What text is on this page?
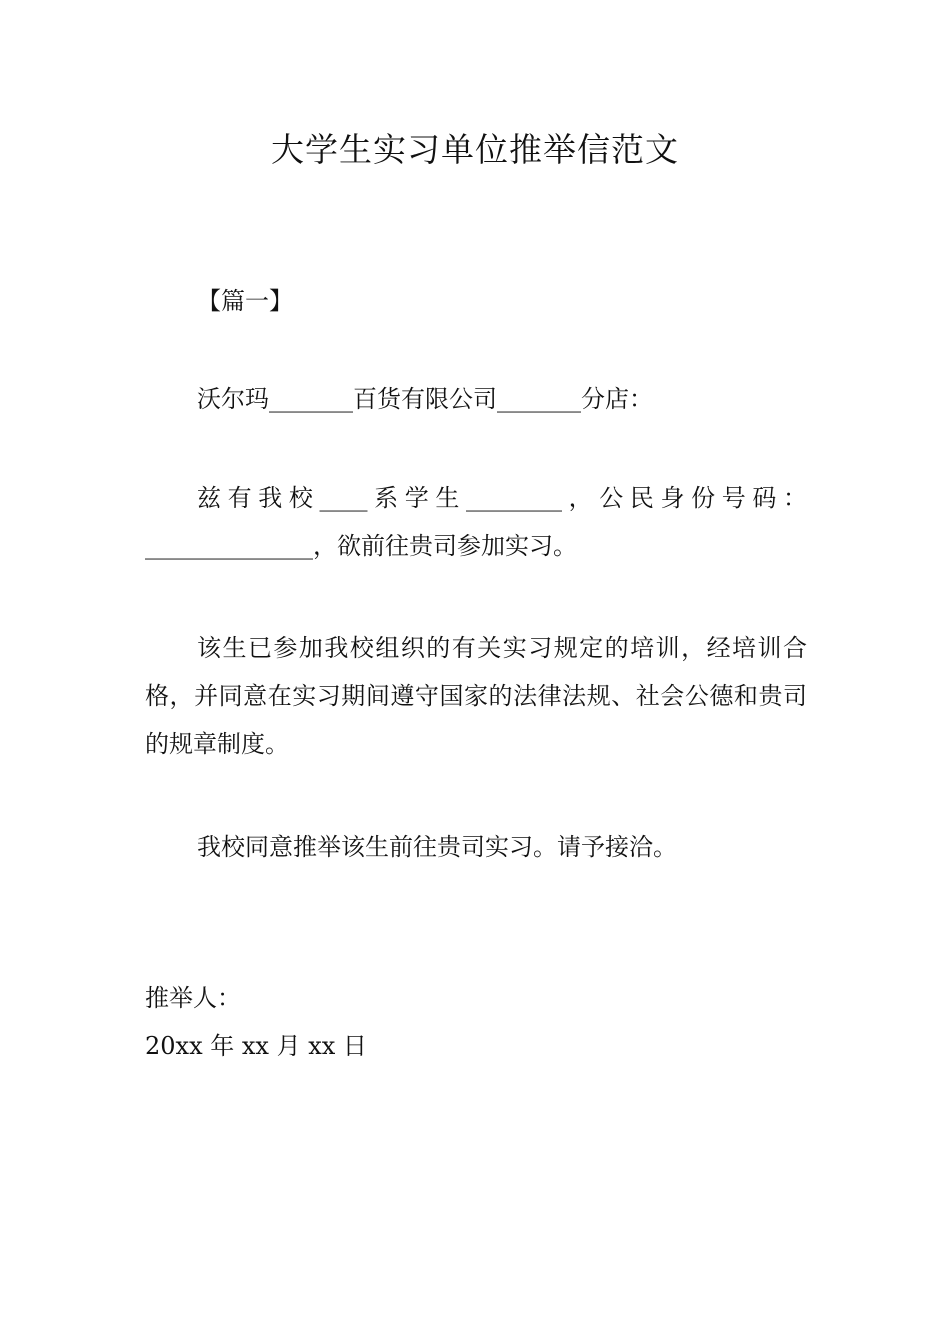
大学生实习单位推举信范文
【篇一】
沃尔玛_______百货有限公司_______分店：
兹有我校____系学生________，公民身份号码：______________，欲前往贵司参加实习。
该生已参加我校组织的有关实习规定的培训，经培训合格，并同意在实习期间遵守国家的法律法规、社会公德和贵司的规章制度。
我校同意推举该生前往贵司实习。请予接洽。
推举人：
20xx 年 xx 月 xx 日
